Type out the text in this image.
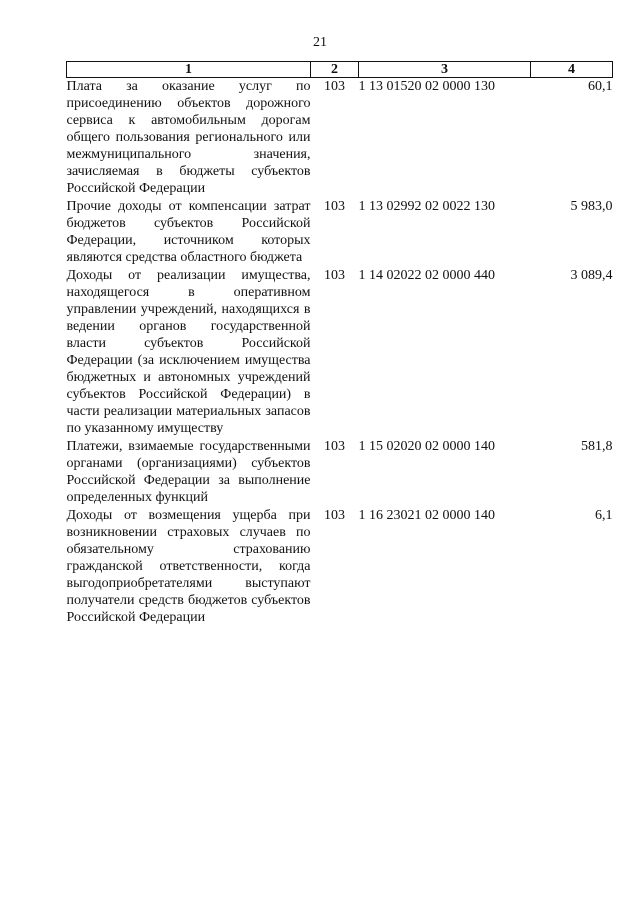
21
1	2	3	4
Плата за оказание услуг по присоединению объектов дорожного сервиса к автомобильным дорогам общего пользования регионального или межмуниципального значения, зачисляемая в бюджеты субъектов Российской Федерации	103	1 13 01520 02 0000 130	60,1
Прочие доходы от компенсации затрат бюджетов субъектов Российской Федерации, источником которых являются средства областного бюджета	103	1 13 02992 02 0022 130	5 983,0
Доходы от реализации имущества, находящегося в оперативном управлении учреждений, находящихся в ведении органов государственной власти субъектов Российской Федерации (за исключением имущества бюджетных и автономных учреждений субъектов Российской Федерации) в части реализации материальных запасов по указанному имуществу	103	1 14 02022 02 0000 440	3 089,4
Платежи, взимаемые государственными органами (организациями) субъектов Российской Федерации за выполнение определенных функций	103	1 15 02020 02 0000 140	581,8
Доходы от возмещения ущерба при возникновении страховых случаев по обязательному страхованию гражданской ответственности, когда выгодоприобретателями выступают получатели средств бюджетов субъектов Российской Федерации	103	1 16 23021 02 0000 140	6,1
